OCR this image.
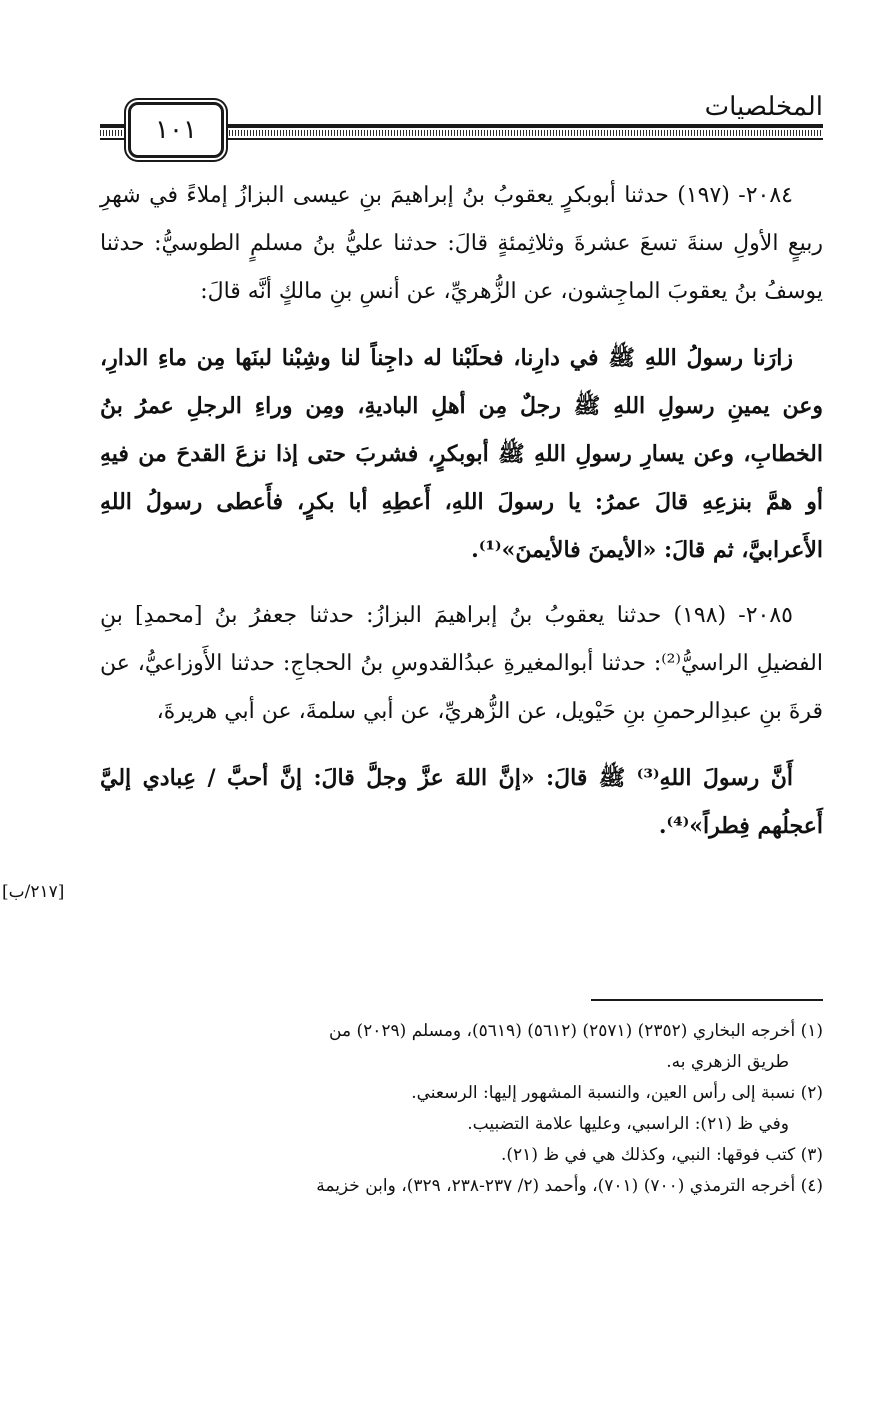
المخلصيات
١٠١

٢٠٨٤- (١٩٧) حدثنا أبوبكرٍ يعقوبُ بنُ إبراهيمَ بنِ عيسى البزازُ إملاءً في شهرِ ربيعٍ الأولِ سنةَ تسعَ عشرةَ وثلاثِمئةٍ قالَ: حدثنا عليُّ بنُ مسلمٍ الطوسيُّ: حدثنا يوسفُ بنُ يعقوبَ الماجِشون، عن الزُّهريِّ، عن أنسِ بنِ مالكٍ أنَّه قالَ:

زارَنا رسولُ اللهِ ﷺ في دارِنا، فحلَبْنا له داجِناً لنا وشِبْنا لبنَها مِن ماءِ الدارِ، وعن يمينِ رسولِ اللهِ ﷺ رجلٌ مِن أهلِ الباديةِ، ومِن وراءِ الرجلِ عمرُ بنُ الخطابِ، وعن يسارِ رسولِ اللهِ ﷺ أبوبكرٍ، فشربَ حتى إذا نزعَ القدحَ من فيهِ أو همَّ بنزعِهِ قالَ عمرُ: يا رسولَ اللهِ، أَعطِهِ أبا بكرٍ، فأَعطى رسولُ اللهِ الأَعرابيَّ، ثم قالَ: «الأيمنَ فالأيمنَ»⁽¹⁾.

٢٠٨٥- (١٩٨) حدثنا يعقوبُ بنُ إبراهيمَ البزازُ: حدثنا جعفرُ بنُ [محمدِ] بنِ الفضيلِ الراسيُّ⁽²⁾: حدثنا أبوالمغيرةِ عبدُالقدوسِ بنُ الحجاجِ: حدثنا الأَوزاعيُّ، عن قرةَ بنِ عبدِالرحمنِ بنِ حَيْويل، عن الزُّهريِّ، عن أبي سلمةَ، عن أبي هريرةَ،

أَنَّ رسولَ اللهِ⁽³⁾ ﷺ قالَ: «إنَّ اللهَ عزَّ وجلَّ قالَ: إنَّ أحبَّ / عِبادي إليَّ أَعجلُهم فِطراً»⁽⁴⁾.

[٢١٧/ب]

(١) أخرجه البخاري (٢٣٥٢) (٢٥٧١) (٥٦١٢) (٥٦١٩)، ومسلم (٢٠٢٩) من

طريق الزهري به.

(٢) نسبة إلى رأس العين، والنسبة المشهور إليها: الرسعني.

وفي ظ (٢١): الراسبي، وعليها علامة التضبيب.

(٣) كتب فوقها: النبي، وكذلك هي في ظ (٢١).

(٤) أخرجه الترمذي (٧٠٠) (٧٠١)، وأحمد (٢/ ٢٣٧-٢٣٨، ٣٢٩)، وابن خزيمة
